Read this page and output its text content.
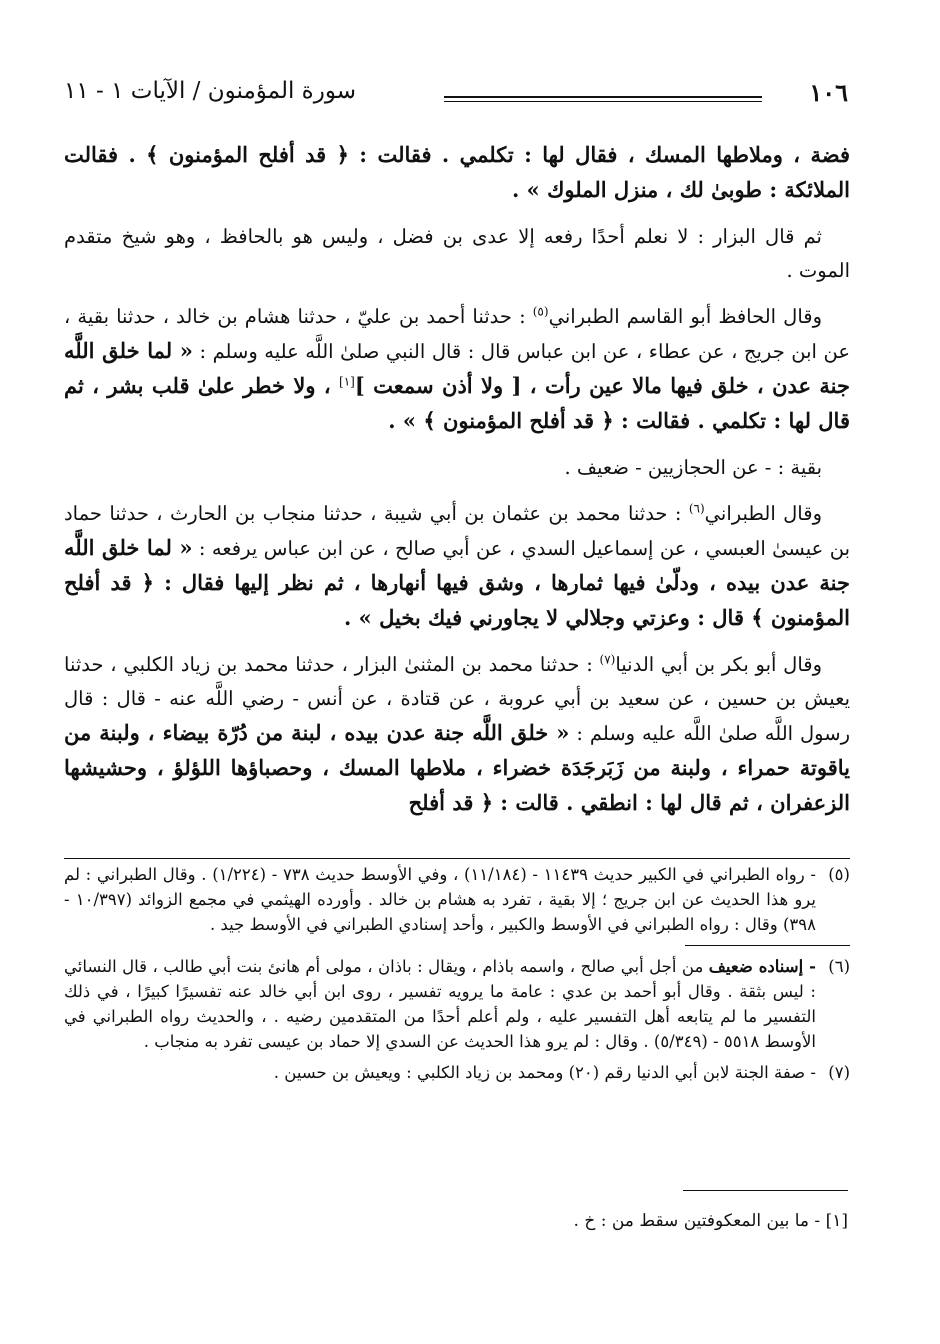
١٠٦
سورة المؤمنون / الآيات ١ - ١١

فضة ، وملاطها المسك ، فقال لها : تكلمي . فقالت : ﴿ قد أفلح المؤمنون ﴾ . فقالت الملائكة : طوبىٰ لك ، منزل الملوك » .

ثم قال البزار : لا نعلم أحدًا رفعه إلا عدى بن فضل ، وليس هو بالحافظ ، وهو شيخ متقدم الموت .

وقال الحافظ أبو القاسم الطبراني$^{(٥)}$ : حدثنا أحمد بن عليّ ، حدثنا هشام بن خالد ، حدثنا بقية ، عن ابن جريج ، عن عطاء ، عن ابن عباس قال : قال النبي صلىٰ اللَّه عليه وسلم : « لما خلق اللَّه جنة عدن ، خلق فيها مالا عين رأت ، [ ولا أذن سمعت ][١] ، ولا خطر علىٰ قلب بشر ، ثم قال لها : تكلمي . فقالت : ﴿ قد أفلح المؤمنون ﴾ » .

بقية : - عن الحجازيين - ضعيف .

وقال الطبراني$^{(٦)}$ : حدثنا محمد بن عثمان بن أبي شيبة ، حدثنا منجاب بن الحارث ، حدثنا حماد بن عيسىٰ العبسي ، عن إسماعيل السدي ، عن أبي صالح ، عن ابن عباس يرفعه : « لما خلق اللَّه جنة عدن بيده ، ودلّىٰ فيها ثمارها ، وشق فيها أنهارها ، ثم نظر إليها فقال : ﴿ قد أفلح المؤمنون ﴾ قال : وعزتي وجلالي لا يجاورني فيك بخيل » .

وقال أبو بكر بن أبي الدنيا$^{(٧)}$ : حدثنا محمد بن المثنىٰ البزار ، حدثنا محمد بن زياد الكلبي ، حدثنا يعيش بن حسين ، عن سعيد بن أبي عروبة ، عن قتادة ، عن أنس - رضي اللَّه عنه - قال : قال رسول اللَّه صلىٰ اللَّه عليه وسلم : « خلق اللَّه جنة عدن بيده ، لبنة من دُرّة بيضاء ، ولبنة من ياقوتة حمراء ، ولبنة من زَبَرجَدَة خضراء ، ملاطها المسك ، وحصباؤها اللؤلؤ ، وحشيشها الزعفران ، ثم قال لها : انطقي . قالت : ﴿ قد أفلح

(٥)- رواه الطبراني في الكبير حديث ١١٤٣٩ - (١١/١٨٤) ، وفي الأوسط حديث ٧٣٨ - (١/٢٢٤) . وقال الطبراني : لم يرو هذا الحديث عن ابن جريج ؛ إلا بقية ، تفرد به هشام بن خالد . وأورده الهيثمي في مجمع الزوائد (١٠/٣٩٧ - ٣٩٨) وقال : رواه الطبراني في الأوسط والكبير ، وأحد إسنادي الطبراني في الأوسط جيد .

(٦)- إسناده ضعيف من أجل أبي صالح ، واسمه باذام ، ويقال : باذان ، مولى أم هانئ بنت أبي طالب ، قال النسائي : ليس بثقة . وقال أبو أحمد بن عدي : عامة ما يرويه تفسير ، روى ابن أبي خالد عنه تفسيرًا كبيرًا ، في ذلك التفسير ما لم يتابعه أهل التفسير عليه ، ولم أعلم أحدًا من المتقدمين رضيه . ، والحديث رواه الطبراني في الأوسط ٥٥١٨ - (٥/٣٤٩) . وقال : لم يرو هذا الحديث عن السدي إلا حماد بن عيسى تفرد به منجاب .

(٧)- صفة الجنة لابن أبي الدنيا رقم (٢٠) ومحمد بن زياد الكلبي : ويعيش بن حسين .

[١] - ما بين المعكوفتين سقط من : خ .
